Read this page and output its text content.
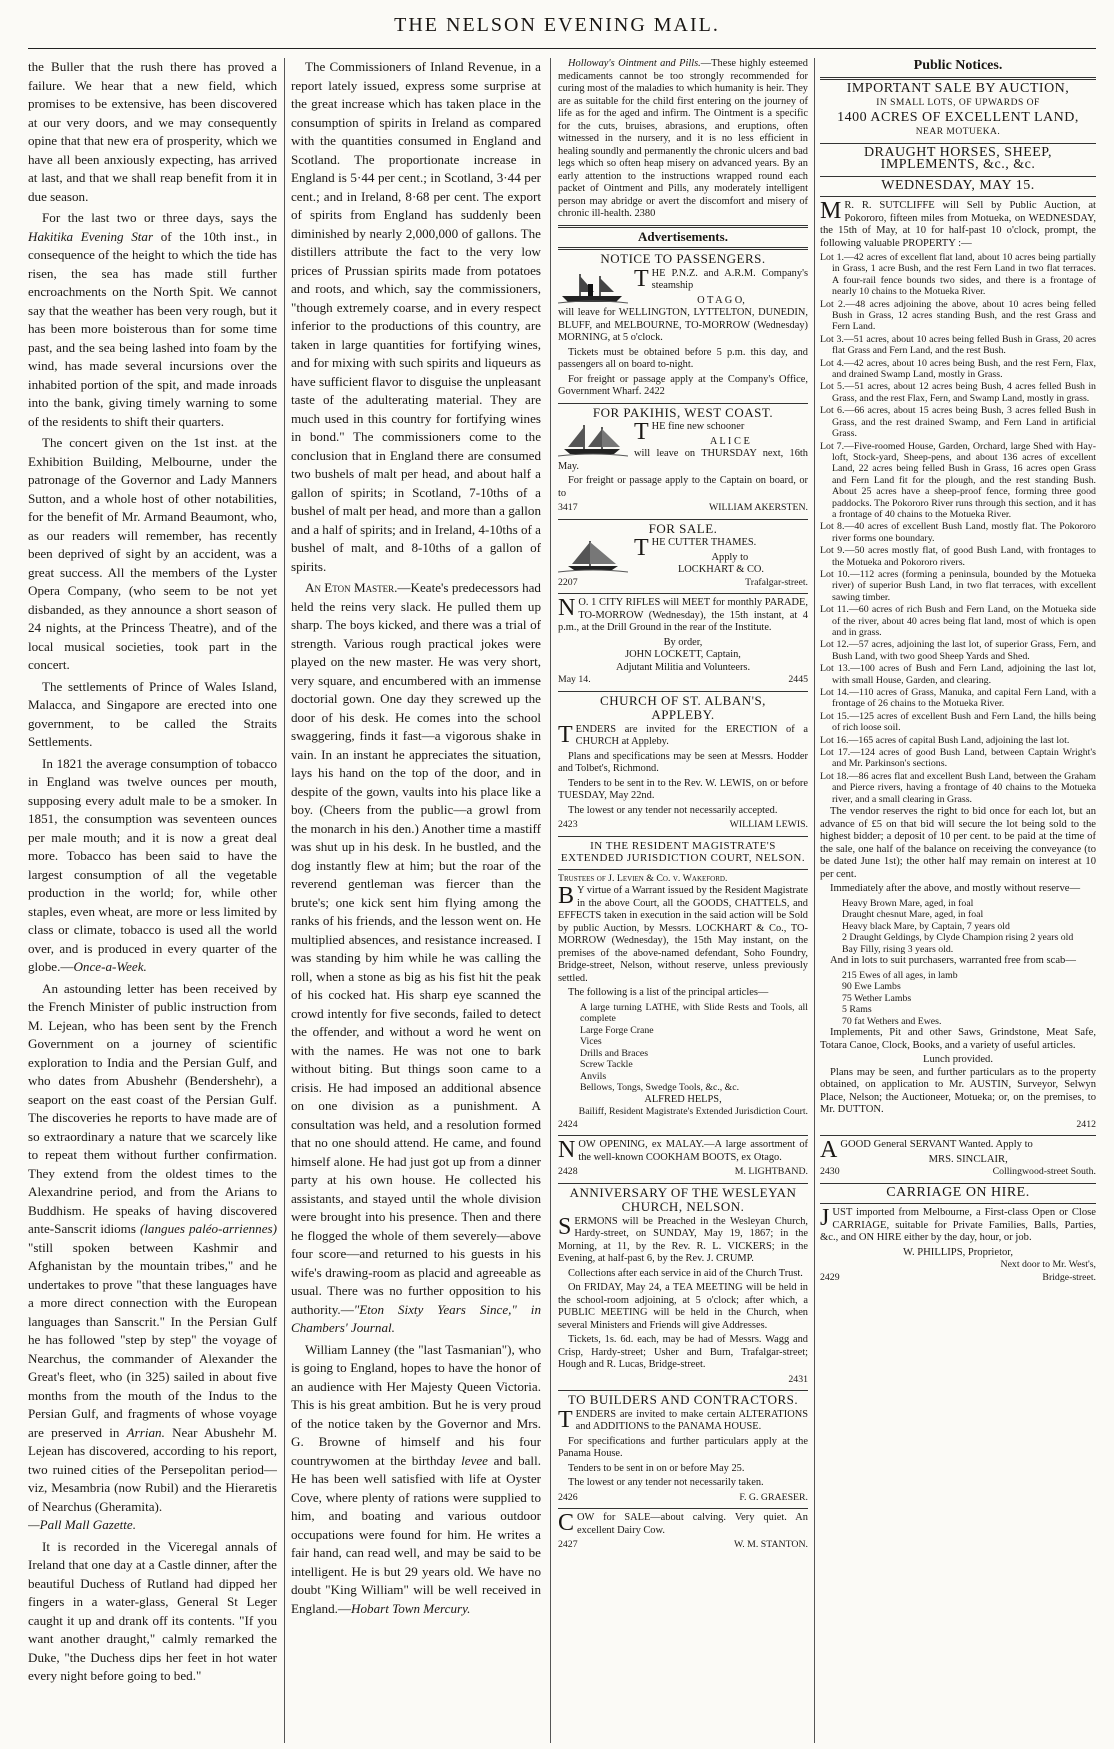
THE NELSON EVENING MAIL.

the Buller that the rush there has proved a failure. We hear that a new field, which promises to be extensive, has been discovered at our very doors, and we may consequently opine that that new era of prosperity, which we have all been anxiously expecting, has arrived at last, and that we shall reap benefit from it in due season.

For the last two or three days, says the Hakitika Evening Star of the 10th inst., in consequence of the height to which the tide has risen, the sea has made still further encroachments on the North Spit. We cannot say that the weather has been very rough, but it has been more boisterous than for some time past, and the sea being lashed into foam by the wind, has made several incursions over the inhabited portion of the spit, and made inroads into the bank, giving timely warning to some of the residents to shift their quarters.

The concert given on the 1st inst. at the Exhibition Building, Melbourne, under the patronage of the Governor and Lady Manners Sutton, and a whole host of other notabilities, for the benefit of Mr. Armand Beaumont, who, as our readers will remember, has recently been deprived of sight by an accident, was a great success. All the members of the Lyster Opera Company, (who seem to be not yet disbanded, as they announce a short season of 24 nights, at the Princess Theatre), and of the local musical societies, took part in the concert.

The settlements of Prince of Wales Island, Malacca, and Singapore are erected into one government, to be called the Straits Settlements.

In 1821 the average consumption of tobacco in England was twelve ounces per mouth, supposing every adult male to be a smoker. In 1851, the consumption was seventeen ounces per male mouth; and it is now a great deal more. Tobacco has been said to have the largest consumption of all the vegetable production in the world; for, while other staples, even wheat, are more or less limited by class or climate, tobacco is used all the world over, and is produced in every quarter of the globe.—Once-a-Week.

An astounding letter has been received by the French Minister of public instruction from M. Lejean, who has been sent by the French Government on a journey of scientific exploration to India and the Persian Gulf, and who dates from Abushehr (Bendershehr), a seaport on the east coast of the Persian Gulf. The discoveries he reports to have made are of so extraordinary a nature that we scarcely like to repeat them without further confirmation. They extend from the oldest times to the Alexandrine period, and from the Arians to Buddhism. He speaks of having discovered ante-Sanscrit idioms (langues paléo-arriennes) "still spoken between Kashmir and Afghanistan by the mountain tribes," and he undertakes to prove "that these languages have a more direct connection with the European languages than Sanscrit." In the Persian Gulf he has followed "step by step" the voyage of Nearchus, the commander of Alexander the Great's fleet, who (in 325) sailed in about five months from the mouth of the Indus to the Persian Gulf, and fragments of whose voyage are preserved in Arrian. Near Abushehr M. Lejean has discovered, according to his report, two ruined cities of the Persepolitan period—viz, Mesambria (now Rubil) and the Hieraretis of Nearchus (Gheramita).
—Pall Mall Gazette.

It is recorded in the Viceregal annals of Ireland that one day at a Castle dinner, after the beautiful Duchess of Rutland had dipped her fingers in a water-glass, General St Leger caught it up and drank off its contents. "If you want another draught," calmly remarked the Duke, "the Duchess dips her feet in hot water every night before going to bed."

The Commissioners of Inland Revenue, in a report lately issued, express some surprise at the great increase which has taken place in the consumption of spirits in Ireland as compared with the quantities consumed in England and Scotland. The proportionate increase in England is 5·44 per cent.; in Scotland, 3·44 per cent.; and in Ireland, 8·68 per cent. The export of spirits from England has suddenly been diminished by nearly 2,000,000 of gallons. The distillers attribute the fact to the very low prices of Prussian spirits made from potatoes and roots, and which, say the commissioners, "though extremely coarse, and in every respect inferior to the productions of this country, are taken in large quantities for fortifying wines, and for mixing with such spirits and liqueurs as have sufficient flavor to disguise the unpleasant taste of the adulterating material. They are much used in this country for fortifying wines in bond." The commissioners come to the conclusion that in England there are consumed two bushels of malt per head, and about half a gallon of spirits; in Scotland, 7-10ths of a bushel of malt per head, and more than a gallon and a half of spirits; and in Ireland, 4-10ths of a bushel of malt, and 8-10ths of a gallon of spirits.

An Eton Master.—Keate's predecessors had held the reins very slack. He pulled them up sharp. The boys kicked, and there was a trial of strength. Various rough practical jokes were played on the new master. He was very short, very square, and encumbered with an immense doctorial gown. One day they screwed up the door of his desk. He comes into the school swaggering, finds it fast—a vigorous shake in vain. In an instant he appreciates the situation, lays his hand on the top of the door, and in despite of the gown, vaults into his place like a boy. (Cheers from the public—a growl from the monarch in his den.) Another time a mastiff was shut up in his desk. In he bustled, and the dog instantly flew at him; but the roar of the reverend gentleman was fiercer than the brute's; one kick sent him flying among the ranks of his friends, and the lesson went on. He multiplied absences, and resistance increased. I was standing by him while he was calling the roll, when a stone as big as his fist hit the peak of his cocked hat. His sharp eye scanned the crowd intently for five seconds, failed to detect the offender, and without a word he went on with the names. He was not one to bark without biting. But things soon came to a crisis. He had imposed an additional absence on one division as a punishment. A consultation was held, and a resolution formed that no one should attend. He came, and found himself alone. He had just got up from a dinner party at his own house. He collected his assistants, and stayed until the whole division were brought into his presence. Then and there he flogged the whole of them severely—above four score—and returned to his guests in his wife's drawing-room as placid and agreeable as usual. There was no further opposition to his authority.—"Eton Sixty Years Since," in Chambers' Journal.

William Lanney (the "last Tasmanian"), who is going to England, hopes to have the honor of an audience with Her Majesty Queen Victoria. This is his great ambition. But he is very proud of the notice taken by the Governor and Mrs. G. Browne of himself and his four countrywomen at the birthday levee and ball. He has been well satisfied with life at Oyster Cove, where plenty of rations were supplied to him, and boating and various outdoor occupations were found for him. He writes a fair hand, can read well, and may be said to be intelligent. He is but 29 years old. We have no doubt "King William" will be well received in England.—Hobart Town Mercury.

Holloway's Ointment and Pills.—These highly esteemed medicaments cannot be too strongly recommended for curing most of the maladies to which humanity is heir. They are as suitable for the child first entering on the journey of life as for the aged and infirm. The Ointment is a specific for the cuts, bruises, abrasions, and eruptions, often witnessed in the nursery, and it is no less efficient in healing soundly and permanently the chronic ulcers and bad legs which so often heap misery on advanced years. By an early attention to the instructions wrapped round each packet of Ointment and Pills, any moderately intelligent person may abridge or avert the discomfort and misery of chronic ill-health. 2380

Advertisements.
NOTICE TO PASSENGERS.

THE P.N.Z. and A.R.M. Company's steamship

O T A G O,

will leave for WELLINGTON, LYTTELTON, DUNEDIN, BLUFF, and MELBOURNE, TO-MORROW (Wednesday) MORNING, at 5 o'clock.

Tickets must be obtained before 5 p.m. this day, and passengers all on board to-night.

For freight or passage apply at the Company's Office, Government Wharf. 2422

FOR PAKIHIS, WEST COAST.

THE fine new schooner

A L I C E

will leave on THURSDAY next, 16th May.

For freight or passage apply to the Captain on board, or to

3417	WILLIAM AKERSTEN.
FOR SALE.

THE CUTTER THAMES.

Apply to
LOCKHART & CO.
2207	Trafalgar-street.

N O. 1 CITY RIFLES will MEET for monthly PARADE, TO-MORROW (Wednesday), the 15th instant, at 4 p.m., at the Drill Ground in the rear of the Institute.

By order,
JOHN LOCKETT, Captain,
Adjutant Militia and Volunteers.
May 14.	2445
CHURCH OF ST. ALBAN'S,
APPLEBY.

TENDERS are invited for the ERECTION of a CHURCH at Appleby.

Plans and specifications may be seen at Messrs. Hodder and Tolbet's, Richmond.

Tenders to be sent in to the Rev. W. LEWIS, on or before TUESDAY, May 22nd.

The lowest or any tender not necessarily accepted.

2423	WILLIAM LEWIS.
IN THE RESIDENT MAGISTRATE'S EXTENDED JURISDICTION COURT, NELSON.
Trustees of J. Levien & Co. v. Wakeford.

B Y virtue of a Warrant issued by the Resident Magistrate in the above Court, all the GOODS, CHATTELS, and EFFECTS taken in execution in the said action will be Sold by public Auction, by Messrs. LOCKHART & Co., TO-MORROW (Wednesday), the 15th May instant, on the premises of the above-named defendant, Soho Foundry, Bridge-street, Nelson, without reserve, unless previously settled.

The following is a list of the principal articles—

A large turning LATHE, with Slide Rests and Tools, all complete
Large Forge Crane
Vices
Drills and Braces
Screw Tackle
Anvils
Bellows, Tongs, Swedge Tools, &c., &c.
ALFRED HELPS,
Bailiff, Resident Magistrate's Extended Jurisdiction Court.
2424

NOW OPENING, ex MALAY.—A large assortment of the well-known COOKHAM BOOTS, ex Otago.

2428	M. LIGHTBAND.
ANNIVERSARY OF THE WESLEYAN
CHURCH, NELSON.

SERMONS will be Preached in the Wesleyan Church, Hardy-street, on SUNDAY, May 19, 1867; in the Morning, at 11, by the Rev. R. L. VICKERS; in the Evening, at half-past 6, by the Rev. J. CRUMP.

Collections after each service in aid of the Church Trust.

On FRIDAY, May 24, a TEA MEETING will be held in the school-room adjoining, at 5 o'clock; after which, a PUBLIC MEETING will be held in the Church, when several Ministers and Friends will give Addresses.

Tickets, 1s. 6d. each, may be had of Messrs. Wagg and Crisp, Hardy-street; Usher and Burn, Trafalgar-street; Hough and R. Lucas, Bridge-street.

2431
TO BUILDERS AND CONTRACTORS.

TENDERS are invited to make certain ALTERATIONS and ADDITIONS to the PANAMA HOUSE.

For specifications and further particulars apply at the Panama House.

Tenders to be sent in on or before May 25.

The lowest or any tender not necessarily taken.

2426	F. G. GRAESER.

COW for SALE—about calving. Very quiet. An excellent Dairy Cow.

2427	W. M. STANTON.
Public Notices.
IMPORTANT SALE BY AUCTION,
IN SMALL LOTS, OF UPWARDS OF
1400 ACRES OF EXCELLENT LAND,
NEAR MOTUEKA.
DRAUGHT HORSES, SHEEP, IMPLEMENTS, &c., &c.
WEDNESDAY, MAY 15.

M R. R. SUTCLIFFE will Sell by Public Auction, at Pokororo, fifteen miles from Motueka, on WEDNESDAY, the 15th of May, at 10 for half-past 10 o'clock, prompt, the following valuable PROPERTY :—

Lot 1.—42 acres of excellent flat land, about 10 acres being partially in Grass, 1 acre Bush, and the rest Fern Land in two flat terraces. A four-rail fence bounds two sides, and there is a frontage of nearly 10 chains to the Motueka River.
Lot 2.—48 acres adjoining the above, about 10 acres being felled Bush in Grass, 12 acres standing Bush, and the rest Grass and Fern Land.
Lot 3.—51 acres, about 10 acres being felled Bush in Grass, 20 acres flat Grass and Fern Land, and the rest Bush.
Lot 4.—42 acres, about 10 acres being Bush, and the rest Fern, Flax, and drained Swamp Land, mostly in Grass.
Lot 5.—51 acres, about 12 acres being Bush, 4 acres felled Bush in Grass, and the rest Flax, Fern, and Swamp Land, mostly in grass.
Lot 6.—66 acres, about 15 acres being Bush, 3 acres felled Bush in Grass, and the rest drained Swamp, and Fern Land in artificial Grass.
Lot 7.—Five-roomed House, Garden, Orchard, large Shed with Hay-loft, Stock-yard, Sheep-pens, and about 136 acres of excellent Land, 22 acres being felled Bush in Grass, 16 acres open Grass and Fern Land fit for the plough, and the rest standing Bush. About 25 acres have a sheep-proof fence, forming three good paddocks. The Pokororo River runs through this section, and it has a frontage of 40 chains to the Motueka River.
Lot 8.—40 acres of excellent Bush Land, mostly flat. The Pokororo river forms one boundary.
Lot 9.—50 acres mostly flat, of good Bush Land, with frontages to the Motueka and Pokororo rivers.
Lot 10.—112 acres (forming a peninsula, bounded by the Motueka river) of superior Bush Land, in two flat terraces, with excellent sawing timber.
Lot 11.—60 acres of rich Bush and Fern Land, on the Motueka side of the river, about 40 acres being flat land, most of which is open and in grass.
Lot 12.—57 acres, adjoining the last lot, of superior Grass, Fern, and Bush Land, with two good Sheep Yards and Shed.
Lot 13.—100 acres of Bush and Fern Land, adjoining the last lot, with small House, Garden, and clearing.
Lot 14.—110 acres of Grass, Manuka, and capital Fern Land, with a frontage of 26 chains to the Motueka River.
Lot 15.—125 acres of excellent Bush and Fern Land, the hills being of rich loose soil.
Lot 16.—165 acres of capital Bush Land, adjoining the last lot.
Lot 17.—124 acres of good Bush Land, between Captain Wright's and Mr. Parkinson's sections.
Lot 18.—86 acres flat and excellent Bush Land, between the Graham and Pierce rivers, having a frontage of 40 chains to the Motueka river, and a small clearing in Grass.

The vendor reserves the right to bid once for each lot, but an advance of £5 on that bid will secure the lot being sold to the highest bidder; a deposit of 10 per cent. to be paid at the time of the sale, one half of the balance on receiving the conveyance (to be dated June 1st); the other half may remain on interest at 10 per cent.

Immediately after the above, and mostly without reserve—

Heavy Brown Mare, aged, in foal
Draught chesnut Mare, aged, in foal
Heavy black Mare, by Captain, 7 years old
2 Draught Geldings, by Clyde Champion rising 2 years old
Bay Filly, rising 3 years old.

And in lots to suit purchasers, warranted free from scab—

215 Ewes of all ages, in lamb
90 Ewe Lambs
75 Wether Lambs
5 Rams
70 fat Wethers and Ewes.

Implements, Pit and other Saws, Grindstone, Meat Safe, Totara Canoe, Clock, Books, and a variety of useful articles.

Lunch provided.

Plans may be seen, and further particulars as to the property obtained, on application to Mr. AUSTIN, Surveyor, Selwyn Place, Nelson; the Auctioneer, Motueka; or, on the premises, to Mr. DUTTON.

2412

AGOOD General SERVANT Wanted. Apply to

MRS. SINCLAIR,
2430	Collingwood-street South.
CARRIAGE ON HIRE.

JUST imported from Melbourne, a First-class Open or Close CARRIAGE, suitable for Private Families, Balls, Parties, &c., and ON HIRE either by the day, hour, or job.

W. PHILLIPS, Proprietor,
Next door to Mr. West's,
2429	Bridge-street.
